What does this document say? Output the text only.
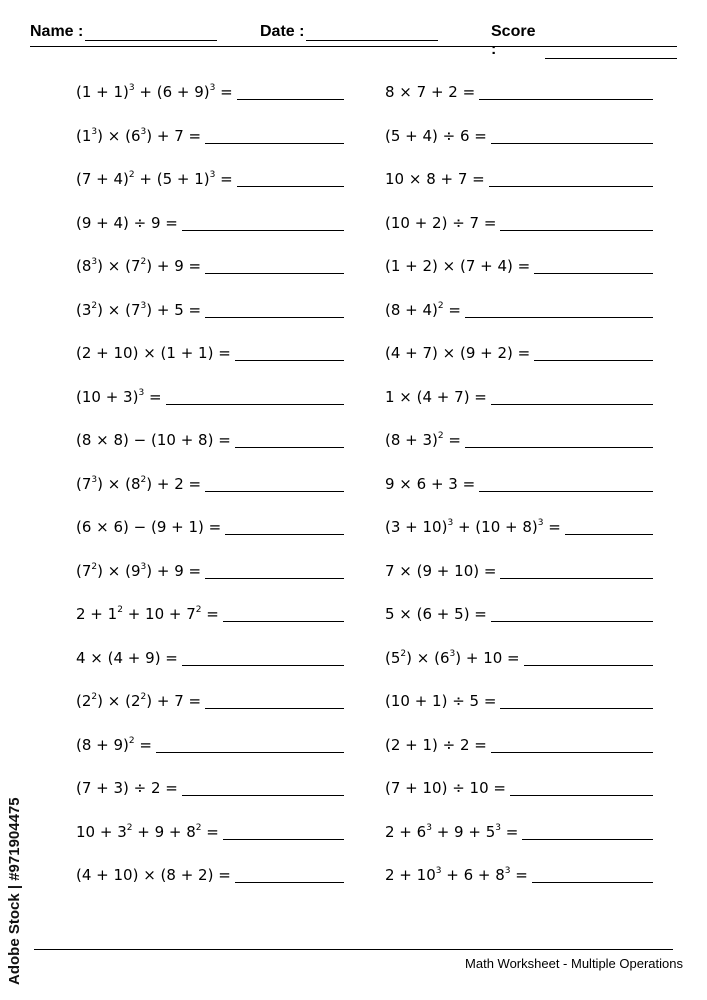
Name :	Date :	Score :
$(1 + 1)^3 + (6 + 9)^3$ =
$(1^3) \times (6^3) + 7$ =
$(7 + 4)^2 + (5 + 1)^3$ =
(9 + 4) ÷ 9 =
$(8^3) \times (7^2) + 9$ =
$(3^2) \times (7^3) + 5$ =
(2 + 10) × (1 + 1) =
$(10 + 3)^3$ =
(8 × 8) − (10 + 8) =
$(7^3) \times (8^2) + 2$ =
(6 × 6) − (9 + 1) =
$(7^2) \times (9^3) + 9$ =
$2 + 1^2 + 10 + 7^2$ =
4 × (4 + 9) =
$(2^2) \times (2^2) + 7$ =
$(8 + 9)^2$ =
(7 + 3) ÷ 2 =
$10 + 3^2 + 9 + 8^2$ =
(4 + 10) × (8 + 2) =
8 × 7 + 2 =
(5 + 4) ÷ 6 =
10 × 8 + 7 =
(10 + 2) ÷ 7 =
(1 + 2) × (7 + 4) =
$(8 + 4)^2$ =
(4 + 7) × (9 + 2) =
1 × (4 + 7) =
$(8 + 3)^2$ =
9 × 6 + 3 =
$(3 + 10)^3 + (10 + 8)^3$ =
7 × (9 + 10) =
5 × (6 + 5) =
$(5^2) \times (6^3) + 10$ =
(10 + 1) ÷ 5 =
(2 + 1) ÷ 2 =
(7 + 10) ÷ 10 =
$2 + 6^3 + 9 + 5^3$ =
$2 + 10^3 + 6 + 8^3$ =
Math Worksheet - Multiple Operations
Adobe Stock | #971904475
